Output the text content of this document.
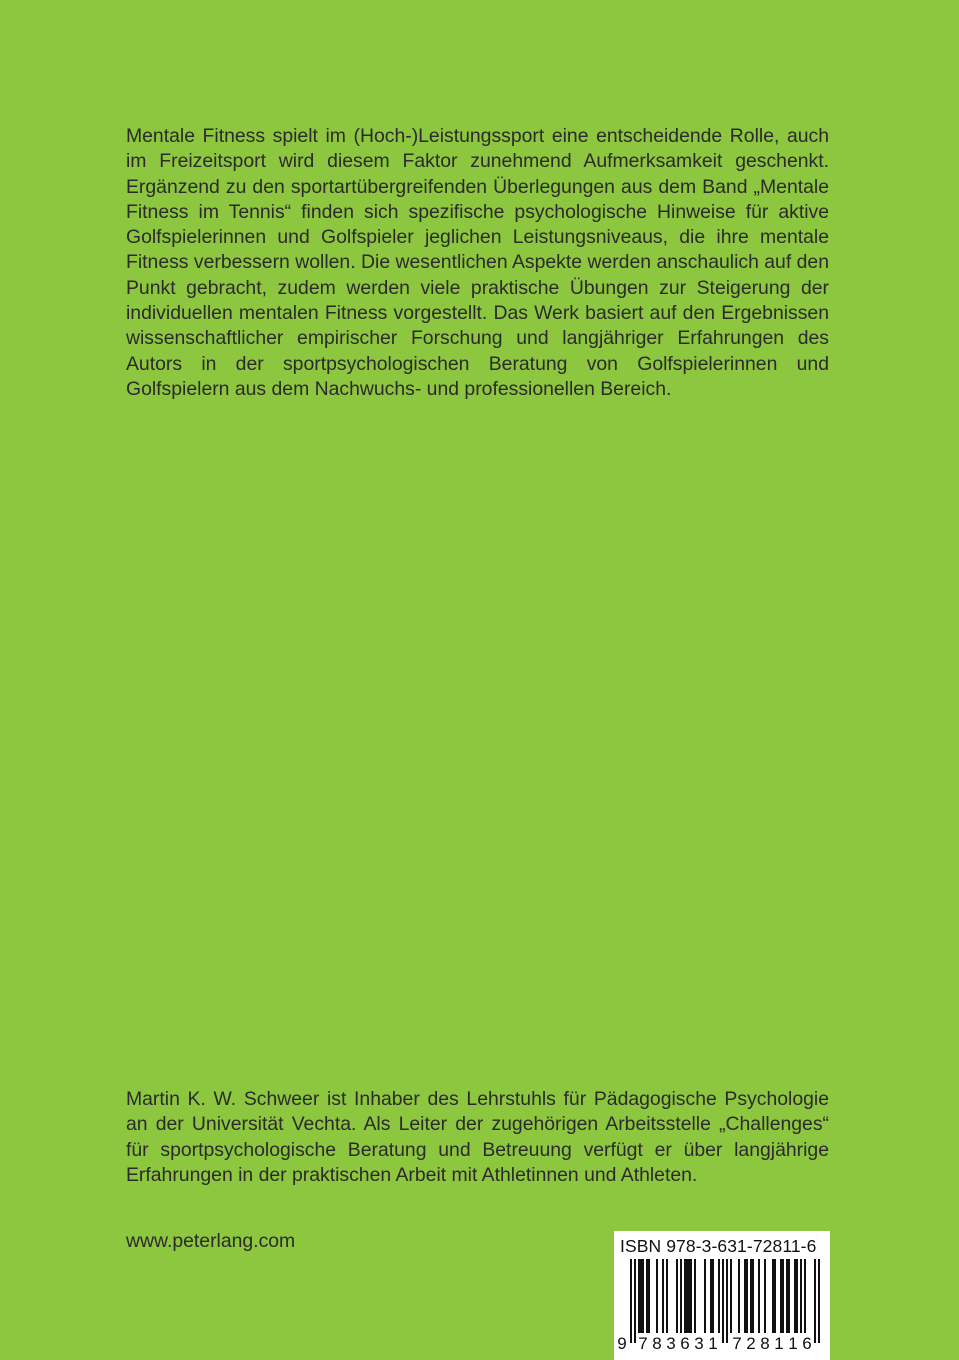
Mentale Fitness spielt im (Hoch-)Leistungssport eine entscheidende Rolle, auch im Freizeitsport wird diesem Faktor zunehmend Aufmerksamkeit geschenkt. Ergänzend zu den sportartübergreifenden Überlegungen aus dem Band „Mentale Fitness im Tennis“ finden sich spezifische psychologische Hinweise für aktive Golfspielerinnen und Golfspieler jeglichen Leistungsniveaus, die ihre mentale Fitness verbessern wollen. Die wesentlichen Aspekte werden anschaulich auf den Punkt gebracht, zudem werden viele praktische Übungen zur Steigerung der individuellen mentalen Fitness vorgestellt. Das Werk basiert auf den Ergebnissen wissenschaftlicher empirischer Forschung und langjähriger Erfahrungen des Autors in der sportpsychologischen Beratung von Golfspielerinnen und Golfspielern aus dem Nachwuchs- und professionellen Bereich.

Martin K. W. Schweer ist Inhaber des Lehrstuhls für Pädagogische Psychologie an der Universität Vechta. Als Leiter der zugehörigen Arbeitsstelle „Challenges“ für sportpsychologische Beratung und Betreuung verfügt er über langjährige Erfahrungen in der praktischen Arbeit mit Athletinnen und Athleten.

www.peterlang.com	ISBN 978-3-631-72811-6
9 7 8 3 6 3 1 7 2 8 1 1 6
